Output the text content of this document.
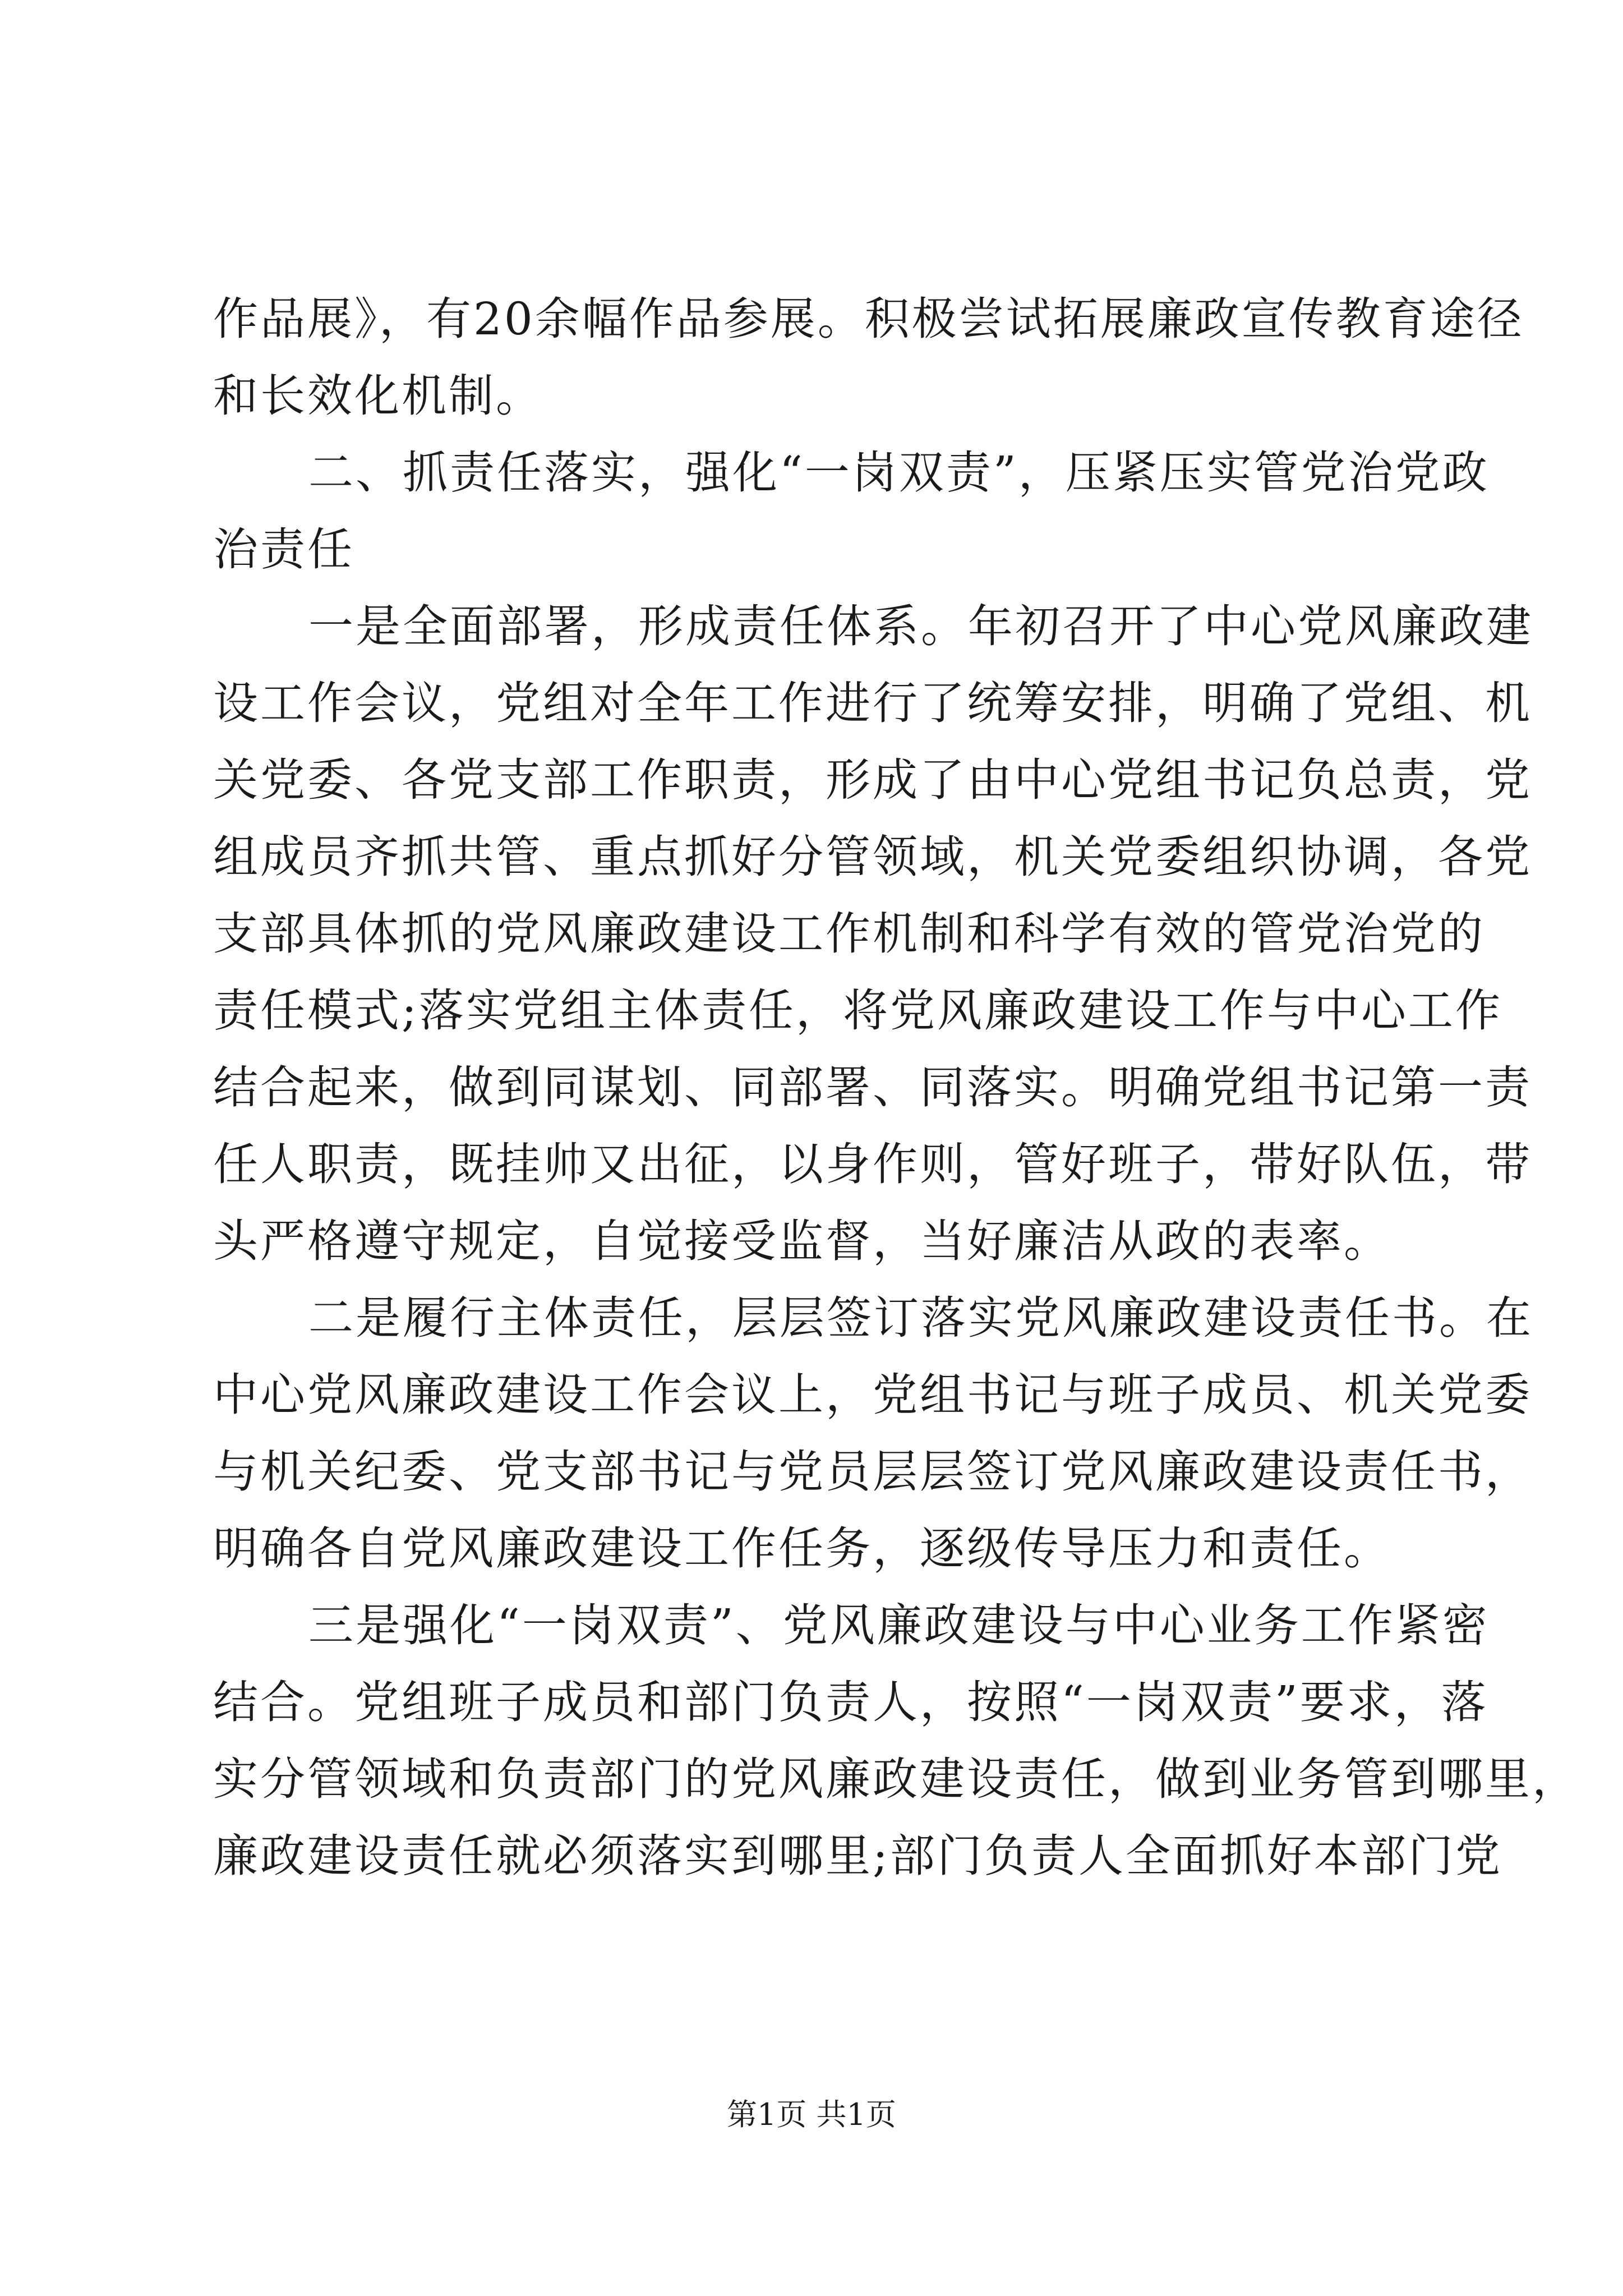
作品展》，有20余幅作品参展。积极尝试拓展廉政宣传教育途径
和长效化机制。
二、抓责任落实，强化“一岗双责”，压紧压实管党治党政
治责任
一是全面部署，形成责任体系。年初召开了中心党风廉政建
设工作会议，党组对全年工作进行了统筹安排，明确了党组、机
关党委、各党支部工作职责，形成了由中心党组书记负总责，党
组成员齐抓共管、重点抓好分管领域，机关党委组织协调，各党
支部具体抓的党风廉政建设工作机制和科学有效的管党治党的
责任模式;落实党组主体责任，将党风廉政建设工作与中心工作
结合起来，做到同谋划、同部署、同落实。明确党组书记第一责
任人职责，既挂帅又出征，以身作则，管好班子，带好队伍，带
头严格遵守规定，自觉接受监督，当好廉洁从政的表率。
二是履行主体责任，层层签订落实党风廉政建设责任书。在
中心党风廉政建设工作会议上，党组书记与班子成员、机关党委
与机关纪委、党支部书记与党员层层签订党风廉政建设责任书，
明确各自党风廉政建设工作任务，逐级传导压力和责任。
三是强化“一岗双责”、党风廉政建设与中心业务工作紧密
结合。党组班子成员和部门负责人，按照“一岗双责”要求，落
实分管领域和负责部门的党风廉政建设责任，做到业务管到哪里，
廉政建设责任就必须落实到哪里;部门负责人全面抓好本部门党
第1页 共1页
